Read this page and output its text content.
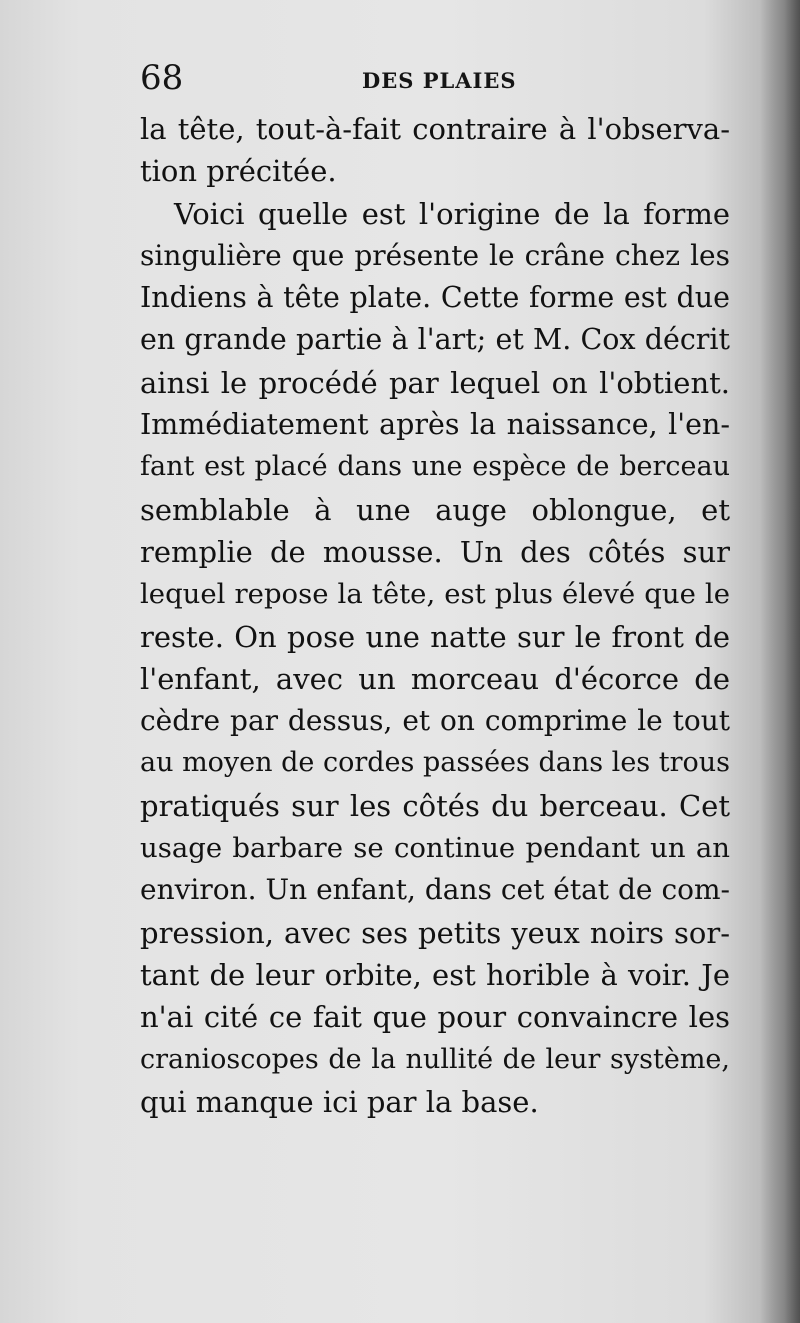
68	DES PLAIES
la tête, tout-à-fait contraire à l'observa-
tion précitée.
Voici quelle est l'origine de la forme
singulière que présente le crâne chez les
Indiens à tête plate. Cette forme est due
en grande partie à l'art; et M. Cox décrit
ainsi le procédé par lequel on l'obtient.
Immédiatement après la naissance, l'en-
fant est placé dans une espèce de berceau
semblable à une auge oblongue, et
remplie de mousse. Un des côtés sur
lequel repose la tête, est plus élevé que le
reste. On pose une natte sur le front de
l'enfant, avec un morceau d'écorce de
cèdre par dessus, et on comprime le tout
au moyen de cordes passées dans les trous
pratiqués sur les côtés du berceau. Cet
usage barbare se continue pendant un an
environ. Un enfant, dans cet état de com-
pression, avec ses petits yeux noirs sor-
tant de leur orbite, est horible à voir. Je
n'ai cité ce fait que pour convaincre les
cranioscopes de la nullité de leur système,
qui manque ici par la base.
